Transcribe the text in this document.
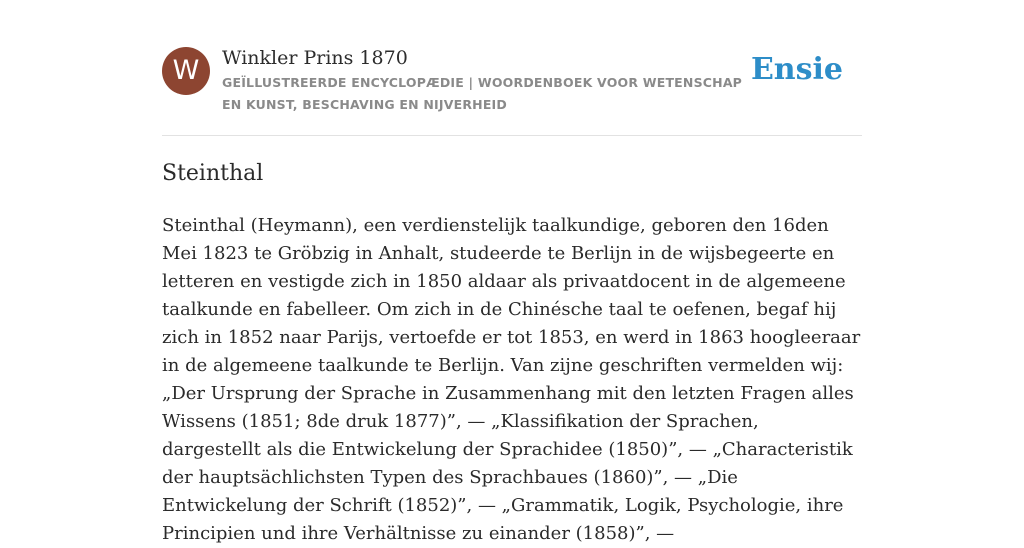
W	Winkler Prins 1870
GEÏLLUSTREERDE ENCYCLOPÆDIE | WOORDENBOEK VOOR WETENSCHAP EN KUNST, BESCHAVING EN NIJVERHEID
Ensie
Steinthal

Steinthal (Heymann), een verdienstelijk taalkundige, geboren den 16den Mei 1823 te Gröbzig in Anhalt, studeerde te Berlijn in de wijsbegeerte en letteren en vestigde zich in 1850 aldaar als privaatdocent in de algemeene taalkunde en fabelleer. Om zich in de Chinésche taal te oefenen, begaf hij zich in 1852 naar Parijs, vertoefde er tot 1853, en werd in 1863 hoogleeraar in de algemeene taalkunde te Berlijn. Van zijne geschriften vermelden wij: „Der Ursprung der Sprache in Zusammenhang mit den letzten Fragen alles Wissens (1851; 8de druk 1877)”, — „Klassifikation der Sprachen, dargestellt als die Entwickelung der Sprachidee (1850)”, — „Characteristik der hauptsächlichsten Typen des Sprachbaues (1860)”, — „Die Entwickelung der Schrift (1852)”, — „Grammatik, Logik, Psychologie, ihre Principien und ihre Verhältnisse zu einander (1858)”, —
